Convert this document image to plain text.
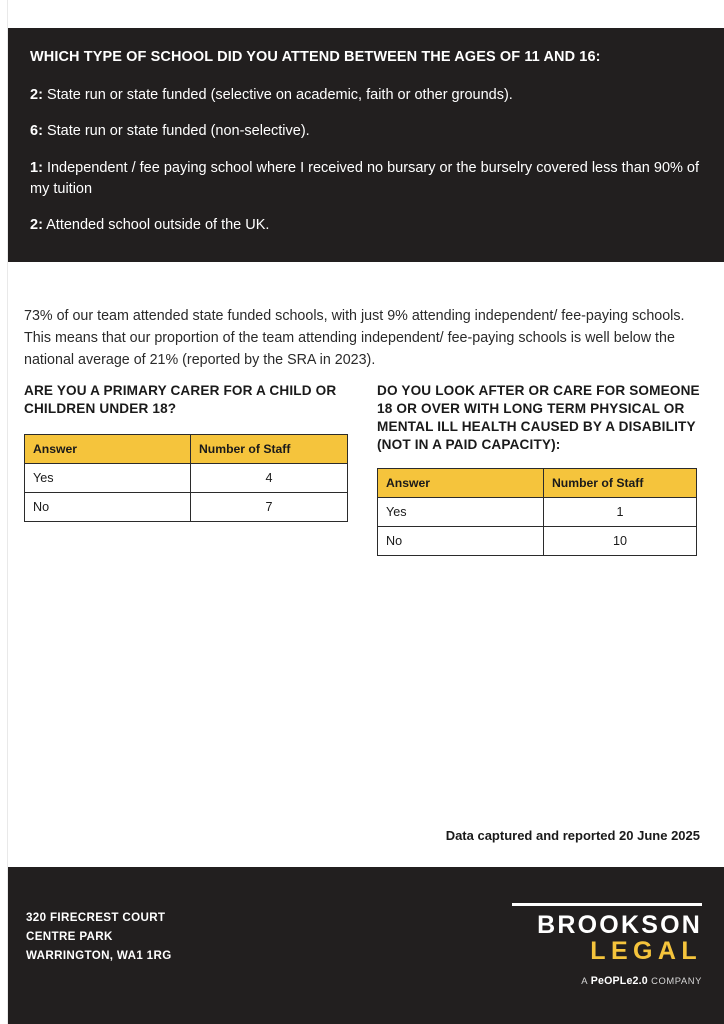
WHICH TYPE OF SCHOOL DID YOU ATTEND BETWEEN THE AGES OF 11 AND 16:
2: State run or state funded (selective on academic, faith or other grounds).
6: State run or state funded (non-selective).
1: Independent / fee paying school where I received no bursary or the burselry covered less than 90% of my tuition
2: Attended school outside of the UK.

73% of our team attended state funded schools, with just 9% attending independent/ fee-paying schools. This means that our proportion of the team attending independent/ fee-paying schools is well below the national average of 21% (reported by the SRA in 2023).

ARE YOU A PRIMARY CARER FOR A CHILD OR CHILDREN UNDER 18?
Answer	Number of Staff
Yes	4
No	7
DO YOU LOOK AFTER OR CARE FOR SOMEONE 18 OR OVER WITH LONG TERM PHYSICAL OR MENTAL ILL HEALTH CAUSED BY A DISABILITY (NOT IN A PAID CAPACITY):
Answer	Number of Staff
Yes	1
No	10
Data captured and reported 20 June 2025
320 FIRECREST COURT
CENTRE PARK
WARRINGTON, WA1 1RG
BROOKSON
LEGAL
A PeOPLe2.0 COMPANY
